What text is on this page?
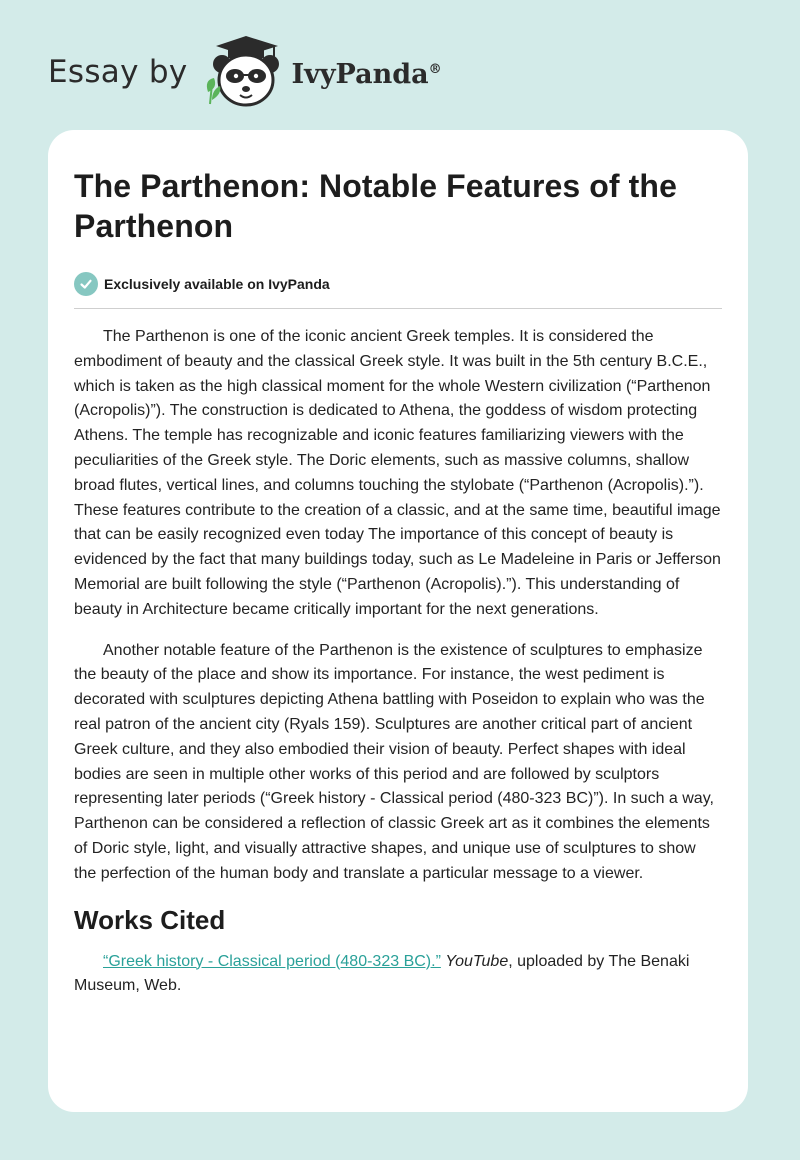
Essay by	IvyPanda®
The Parthenon: Notable Features of the Parthenon
Exclusively available on IvyPanda

The Parthenon is one of the iconic ancient Greek temples. It is considered the embodiment of beauty and the classical Greek style. It was built in the 5th century B.C.E., which is taken as the high classical moment for the whole Western civilization (“Parthenon (Acropolis)”). The construction is dedicated to Athena, the goddess of wisdom protecting Athens. The temple has recognizable and iconic features familiarizing viewers with the peculiarities of the Greek style. The Doric elements, such as massive columns, shallow broad flutes, vertical lines, and columns touching the stylobate (“Parthenon (Acropolis).”). These features contribute to the creation of a classic, and at the same time, beautiful image that can be easily recognized even today The importance of this concept of beauty is evidenced by the fact that many buildings today, such as Le Madeleine in Paris or Jefferson Memorial are built following the style (“Parthenon (Acropolis).”). This understanding of beauty in Architecture became critically important for the next generations.

Another notable feature of the Parthenon is the existence of sculptures to emphasize the beauty of the place and show its importance. For instance, the west pediment is decorated with sculptures depicting Athena battling with Poseidon to explain who was the real patron of the ancient city (Ryals 159). Sculptures are another critical part of ancient Greek culture, and they also embodied their vision of beauty. Perfect shapes with ideal bodies are seen in multiple other works of this period and are followed by sculptors representing later periods (“Greek history - Classical period (480-323 BC)”). In such a way, Parthenon can be considered a reflection of classic Greek art as it combines the elements of Doric style, light, and visually attractive shapes, and unique use of sculptures to show the perfection of the human body and translate a particular message to a viewer.

Works Cited

“Greek history - Classical period (480-323 BC).” YouTube, uploaded by The Benaki Museum, Web.
